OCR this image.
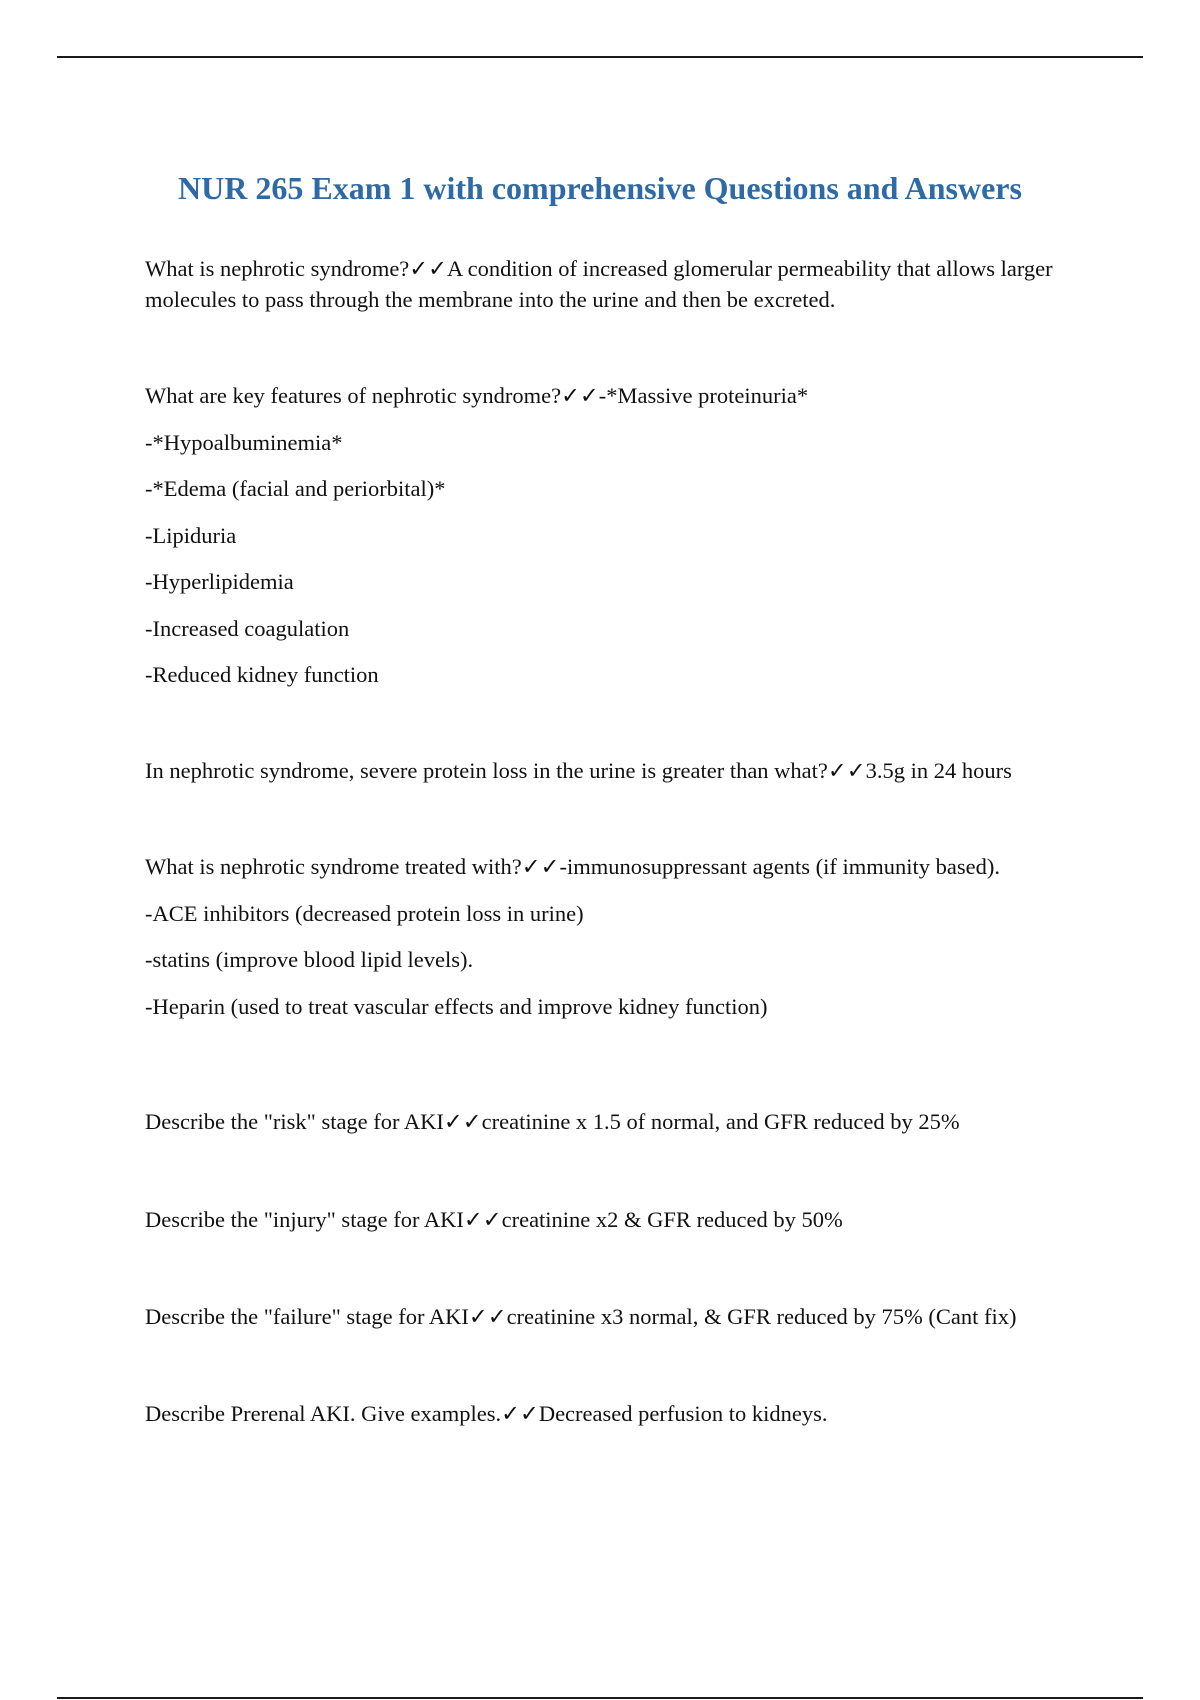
NUR 265 Exam 1 with comprehensive Questions and Answers

What is nephrotic syndrome?✓✓A condition of increased glomerular permeability that allows larger molecules to pass through the membrane into the urine and then be excreted.

What are key features of nephrotic syndrome?✓✓-*Massive proteinuria*

-*Hypoalbuminemia*

-*Edema (facial and periorbital)*

-Lipiduria

-Hyperlipidemia

-Increased coagulation

-Reduced kidney function

In nephrotic syndrome, severe protein loss in the urine is greater than what?✓✓3.5g in 24 hours

What is nephrotic syndrome treated with?✓✓-immunosuppressant agents (if immunity based).

-ACE inhibitors (decreased protein loss in urine)

-statins (improve blood lipid levels).

-Heparin (used to treat vascular effects and improve kidney function)

Describe the "risk" stage for AKI✓✓creatinine x 1.5 of normal, and GFR reduced by 25%

Describe the "injury" stage for AKI✓✓creatinine x2 & GFR reduced by 50%

Describe the "failure" stage for AKI✓✓creatinine x3 normal, & GFR reduced by 75% (Cant fix)

Describe Prerenal AKI. Give examples.✓✓Decreased perfusion to kidneys.
